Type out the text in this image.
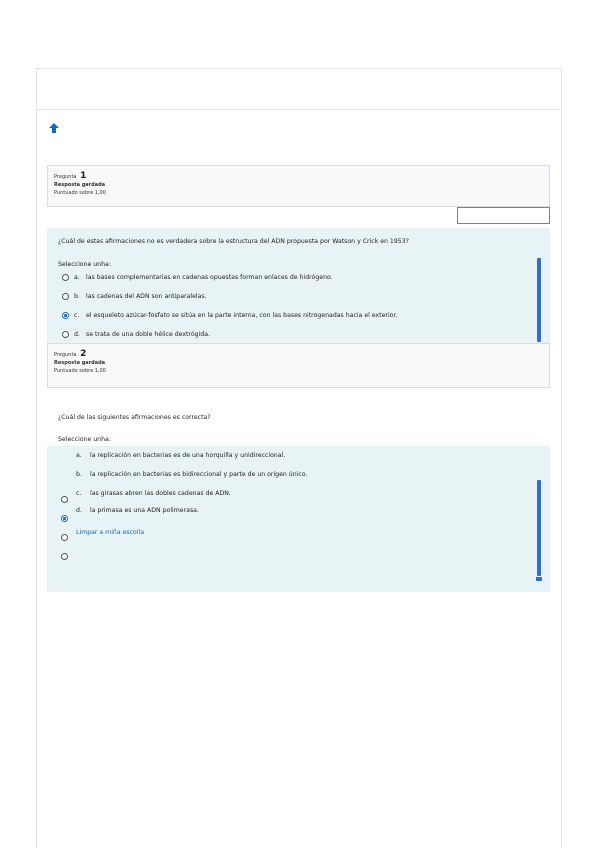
Pregunta 1
Resposta gardada
Puntuado sobre 1,00
¿Cuál de estas afirmaciones no es verdadera sobre la estructura del ADN propuesta por Watson y Crick en 1953?
Seleccione unha:
a.	las bases complementarias en cadenas opuestas forman enlaces de hidrógeno.
b. las cadenas del ADN son antiparalelas.
c.	el esqueleto azúcar-fosfato se sitúa en la parte interna, con las bases nitrogenadas hacia el exterior.
d. se trata de una doble hélice dextrógida.
Pregunta 2
Resposta gardada
Puntuado sobre 1,00
¿Cuál de las siguientes afirmaciones es correcta?
Seleccione unha:
a. la replicación en bacterias es de una horquilla y unidireccional.
b. la replicación en bacterias es bidireccional y parte de un origen único.
c. las girasas abren las dobles cadenas de ADN.
d. la primasa es una ADN polimerasa.
Limpar a miña escolla
